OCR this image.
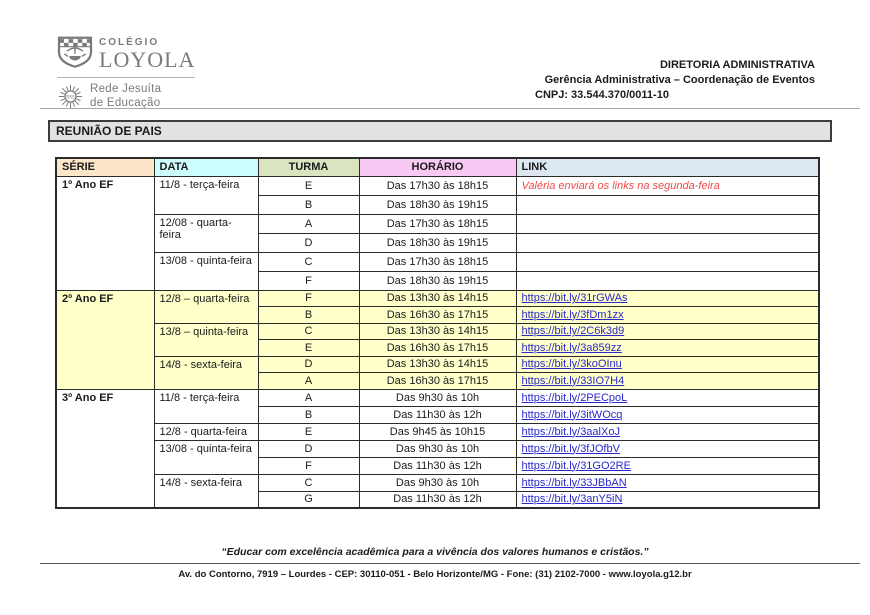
COLÉGIO
LOYOLA
IHS
Rede Jesuíta
de Educação
DIRETORIA ADMINISTRATIVA
Gerência Administrativa – Coordenação de Eventos
CNPJ: 33.544.370/0011-10
REUNIÃO DE PAIS
SÉRIE	DATA	TURMA	HORÁRIO	LINK
1º Ano EF	11/8 - terça-feira	E	Das 17h30 às 18h15	Valéria enviará os links na segunda-feira
		B	Das 18h30 às 19h15	
	12/08 - quarta-feira	A	Das 17h30 às 18h15	
		D	Das 18h30 às 19h15	
	13/08 - quinta-feira	C	Das 17h30 às 18h15	
		F	Das 18h30 às 19h15	
2º Ano EF	12/8 – quarta-feira	F	Das 13h30 às 14h15	https://bit.ly/31rGWAs
		B	Das 16h30 às 17h15	https://bit.ly/3fDm1zx
	13/8 – quinta-feira	C	Das 13h30 às 14h15	https://bit.ly/2C6k3d9
		E	Das 16h30 às 17h15	https://bit.ly/3a859zz
	14/8 - sexta-feira	D	Das 13h30 às 14h15	https://bit.ly/3koOInu
		A	Das 16h30 às 17h15	https://bit.ly/33IO7H4
3º Ano EF	11/8 - terça-feira	A	Das 9h30 às 10h	https://bit.ly/2PECpoL
		B	Das 11h30 às 12h	https://bit.ly/3itWOcq
	12/8 - quarta-feira	E	Das 9h45 às 10h15	https://bit.ly/3aalXoJ
	13/08 - quinta-feira	D	Das 9h30 às 10h	https://bit.ly/3fJOfbV
		F	Das 11h30 às 12h	https://bit.ly/31GO2RE
	14/8 - sexta-feira	C	Das 9h30 às 10h	https://bit.ly/33JBbAN
		G	Das 11h30 às 12h	https://bit.ly/3anY5iN
“Educar com excelência acadêmica para a vivência dos valores humanos e cristãos.”
Av. do Contorno, 7919 – Lourdes - CEP: 30110-051 - Belo Horizonte/MG - Fone: (31) 2102-7000 - www.loyola.g12.br
